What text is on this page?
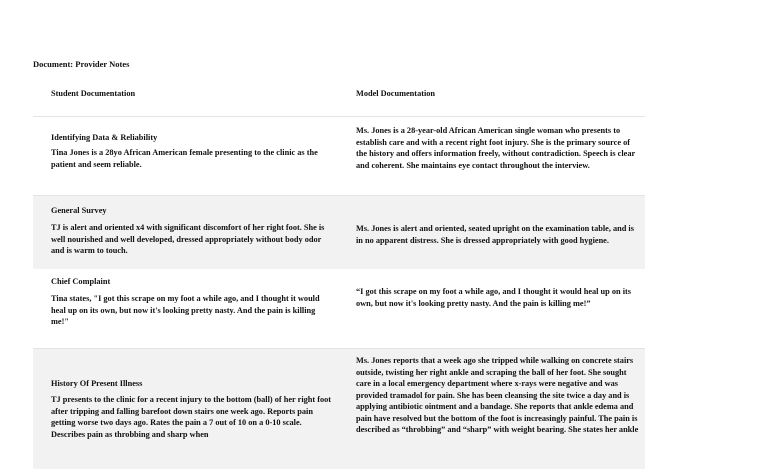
Document: Provider Notes
Student Documentation	Model Documentation
Identifying Data & Reliability
Tina Jones is a 28yo African American female presenting to the clinic as the patient and seem reliable.
Ms. Jones is a 28-year-old African American single woman who presents to establish care and with a recent right foot injury. She is the primary source of the history and offers information freely, without contradiction. Speech is clear and coherent. She maintains eye contact throughout the interview.
General Survey
TJ is alert and oriented x4 with significant discomfort of her right foot. She is well nourished and well developed, dressed appropriately without body odor and is warm to touch.
Ms. Jones is alert and oriented, seated upright on the examination table, and is in no apparent distress. She is dressed appropriately with good hygiene.
Chief Complaint
Tina states, "I got this scrape on my foot a while ago, and I thought it would heal up on its own, but now it's looking pretty nasty. And the pain is killing me!"
“I got this scrape on my foot a while ago, and I thought it would heal up on its own, but now it's looking pretty nasty. And the pain is killing me!”
History Of Present Illness
TJ presents to the clinic for a recent injury to the bottom (ball) of her right foot after tripping and falling barefoot down stairs one week ago. Reports pain getting worse two days ago. Rates the pain a 7 out of 10 on a 0-10 scale. Describes pain as throbbing and sharp when
Ms. Jones reports that a week ago she tripped while walking on concrete stairs outside, twisting her right ankle and scraping the ball of her foot. She sought care in a local emergency department where x-rays were negative and was provided tramadol for pain. She has been cleansing the site twice a day and is applying antibiotic ointment and a bandage. She reports that ankle edema and pain have resolved but the bottom of the foot is increasingly painful. The pain is described as “throbbing” and “sharp” with weight bearing. She states her ankle
